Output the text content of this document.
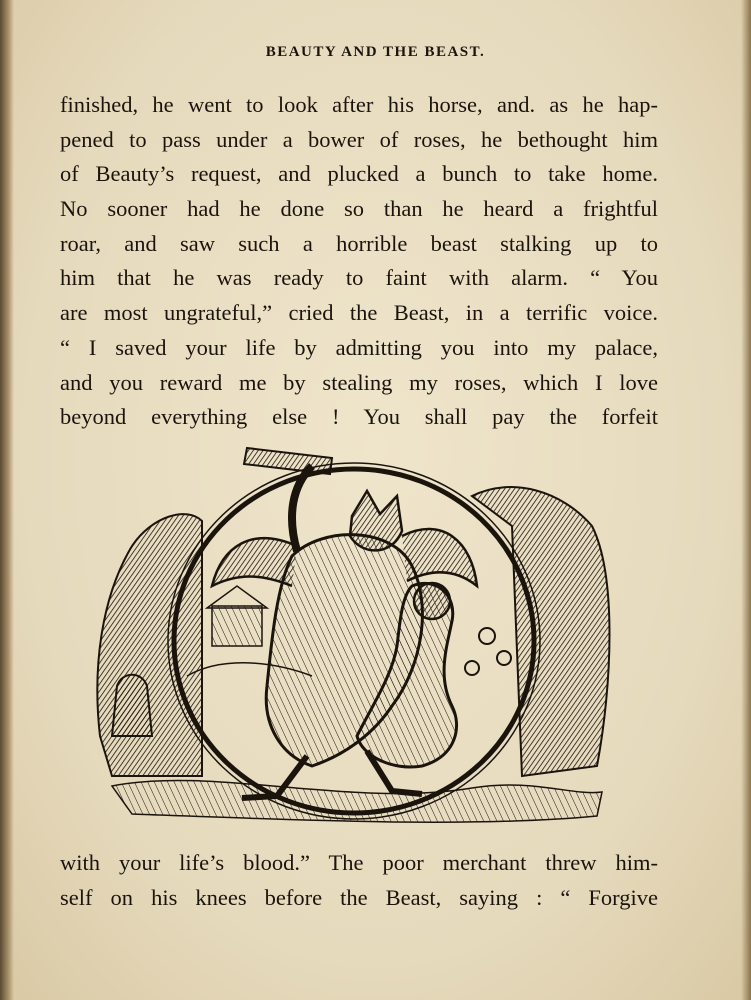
BEAUTY AND THE BEAST.
finished, he went to look after his horse, and. as he hap-
pened to pass under a bower of roses, he bethought him
of Beauty’s request, and plucked a bunch to take home.
No sooner had he done so than he heard a frightful
roar, and saw such a horrible beast stalking up to
him that he was ready to faint with alarm. “ You
are most ungrateful,” cried the Beast, in a terrific voice.
“ I saved your life by admitting you into my palace,
and you reward me by stealing my roses, which I love
beyond everything else ! You shall pay the forfeit
with your life’s blood.” The poor merchant threw him-
self on his knees before the Beast, saying : “ Forgive
